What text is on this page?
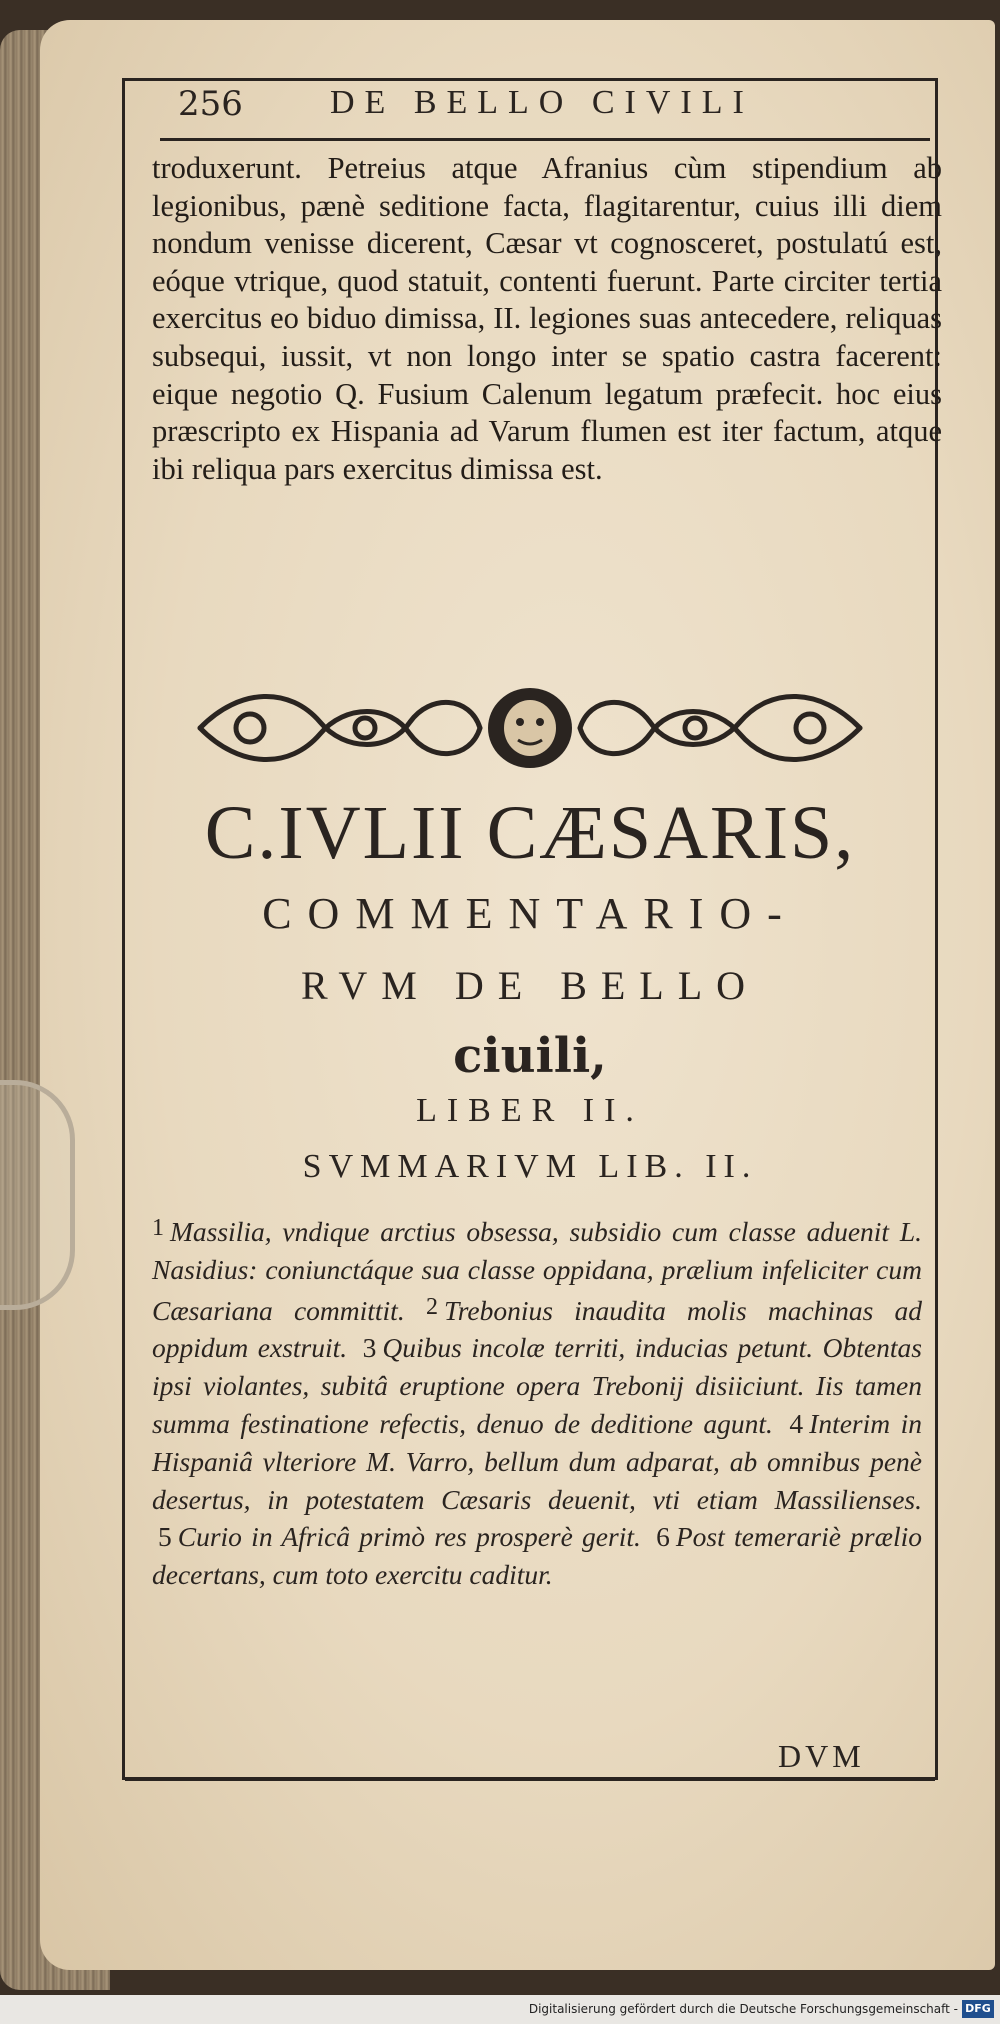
256	DE BELLO CIVILI
troduxerunt. Petreius atque Afranius cùm stipendium ab legionibus, pænè seditione facta, flagitarentur, cuius illi diem nondum venisse dicerent, Cæsar vt cognosceret, postulatú est, eóque vtrique, quod statuit, contenti fuerunt. Parte circiter tertia exercitus eo biduo dimissa, II. legiones suas antecedere, reliquas subsequi, iussit, vt non longo inter se spatio castra facerent: eique negotio Q. Fusium Calenum legatum præfecit. hoc eius præscripto ex Hispania ad Varum flumen est iter factum, atque ibi reliqua pars exercitus dimissa est.
C.IVLII CÆSARIS,
COMMENTARIO-
RVM DE BELLO
ciuili,
LIBER II.
SVMMARIVM LIB. II.
$^1$ Massilia, vndique arctius obsessa, subsidio cum classe aduenit L. Nasidius: coniunctáque sua classe oppidana, prælium infeliciter cum Cæsariana committit. $^2$ Trebonius inaudita molis machinas ad oppidum exstruit. 3 Quibus incolæ territi, inducias petunt. Obtentas ipsi violantes, subitâ eruptione opera Trebonij disiiciunt. Iis tamen summa festinatione refectis, denuo de deditione agunt. 4 Interim in Hispaniâ vlteriore M. Varro, bellum dum adparat, ab omnibus penè desertus, in potestatem Cæsaris deuenit, vti etiam Massilienses. 5 Curio in Africâ primò res prosperè gerit. 6 Post temerariè prælio decertans, cum toto exercitu caditur.
DVM
Digitalisierung gefördert durch die Deutsche Forschungsgemeinschaft - DFG
